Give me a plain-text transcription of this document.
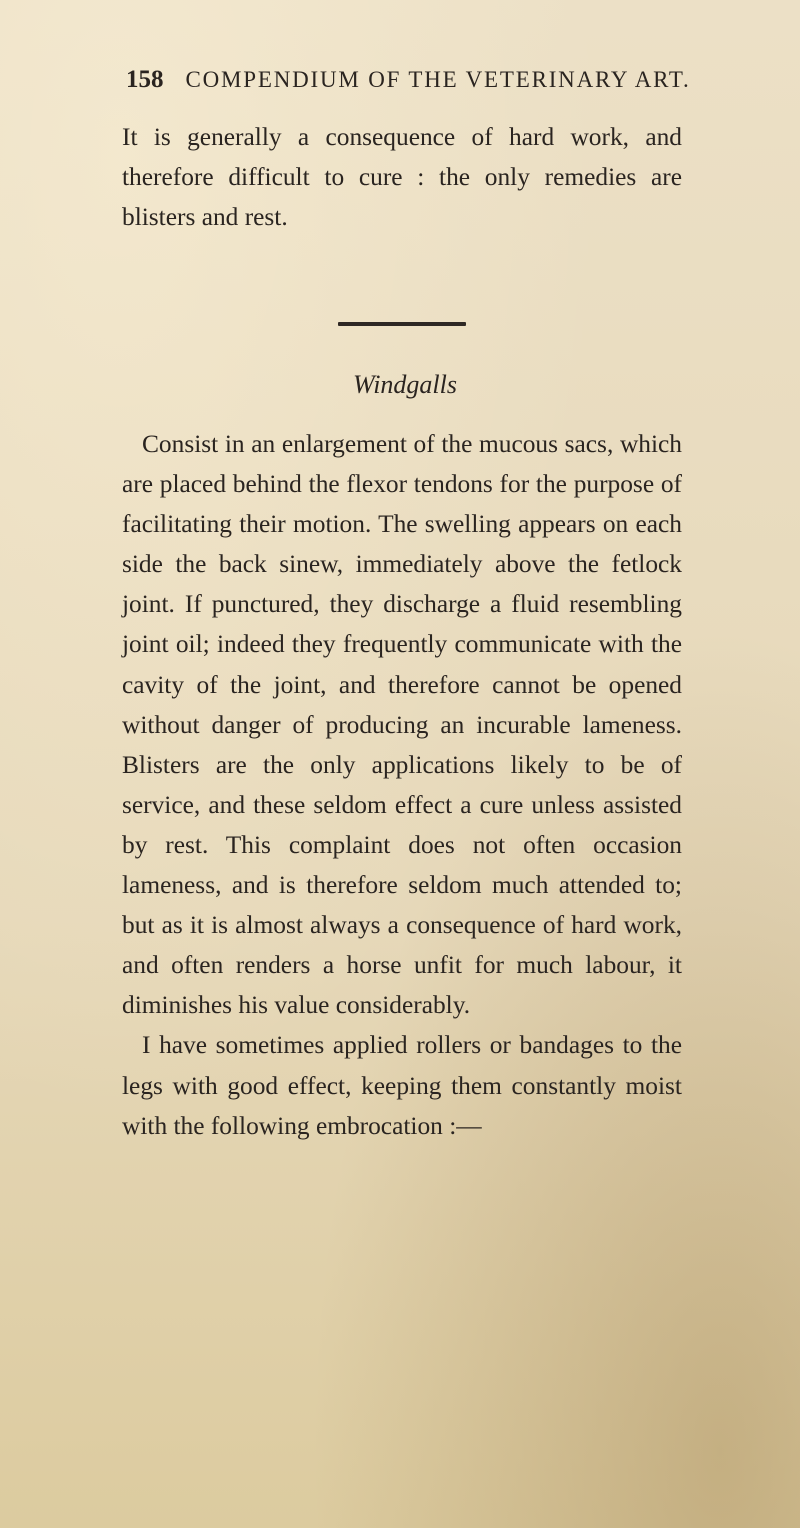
158 COMPENDIUM OF THE VETERINARY ART.
It is generally a consequence of hard work, and therefore difficult to cure : the only remedies are blisters and rest.
Windgalls

Consist in an enlargement of the mucous sacs, which are placed behind the flexor tendons for the purpose of facilitating their motion. The swelling appears on each side the back sinew, immediately above the fetlock joint. If punctured, they discharge a fluid resembling joint oil; indeed they frequently communicate with the cavity of the joint, and therefore cannot be opened without danger of producing an incurable lameness. Blisters are the only applications likely to be of service, and these seldom effect a cure unless assisted by rest. This complaint does not often occasion lameness, and is therefore seldom much attended to; but as it is almost always a consequence of hard work, and often renders a horse unfit for much labour, it diminishes his value considerably.

I have sometimes applied rollers or bandages to the legs with good effect, keeping them constantly moist with the following embrocation :—
